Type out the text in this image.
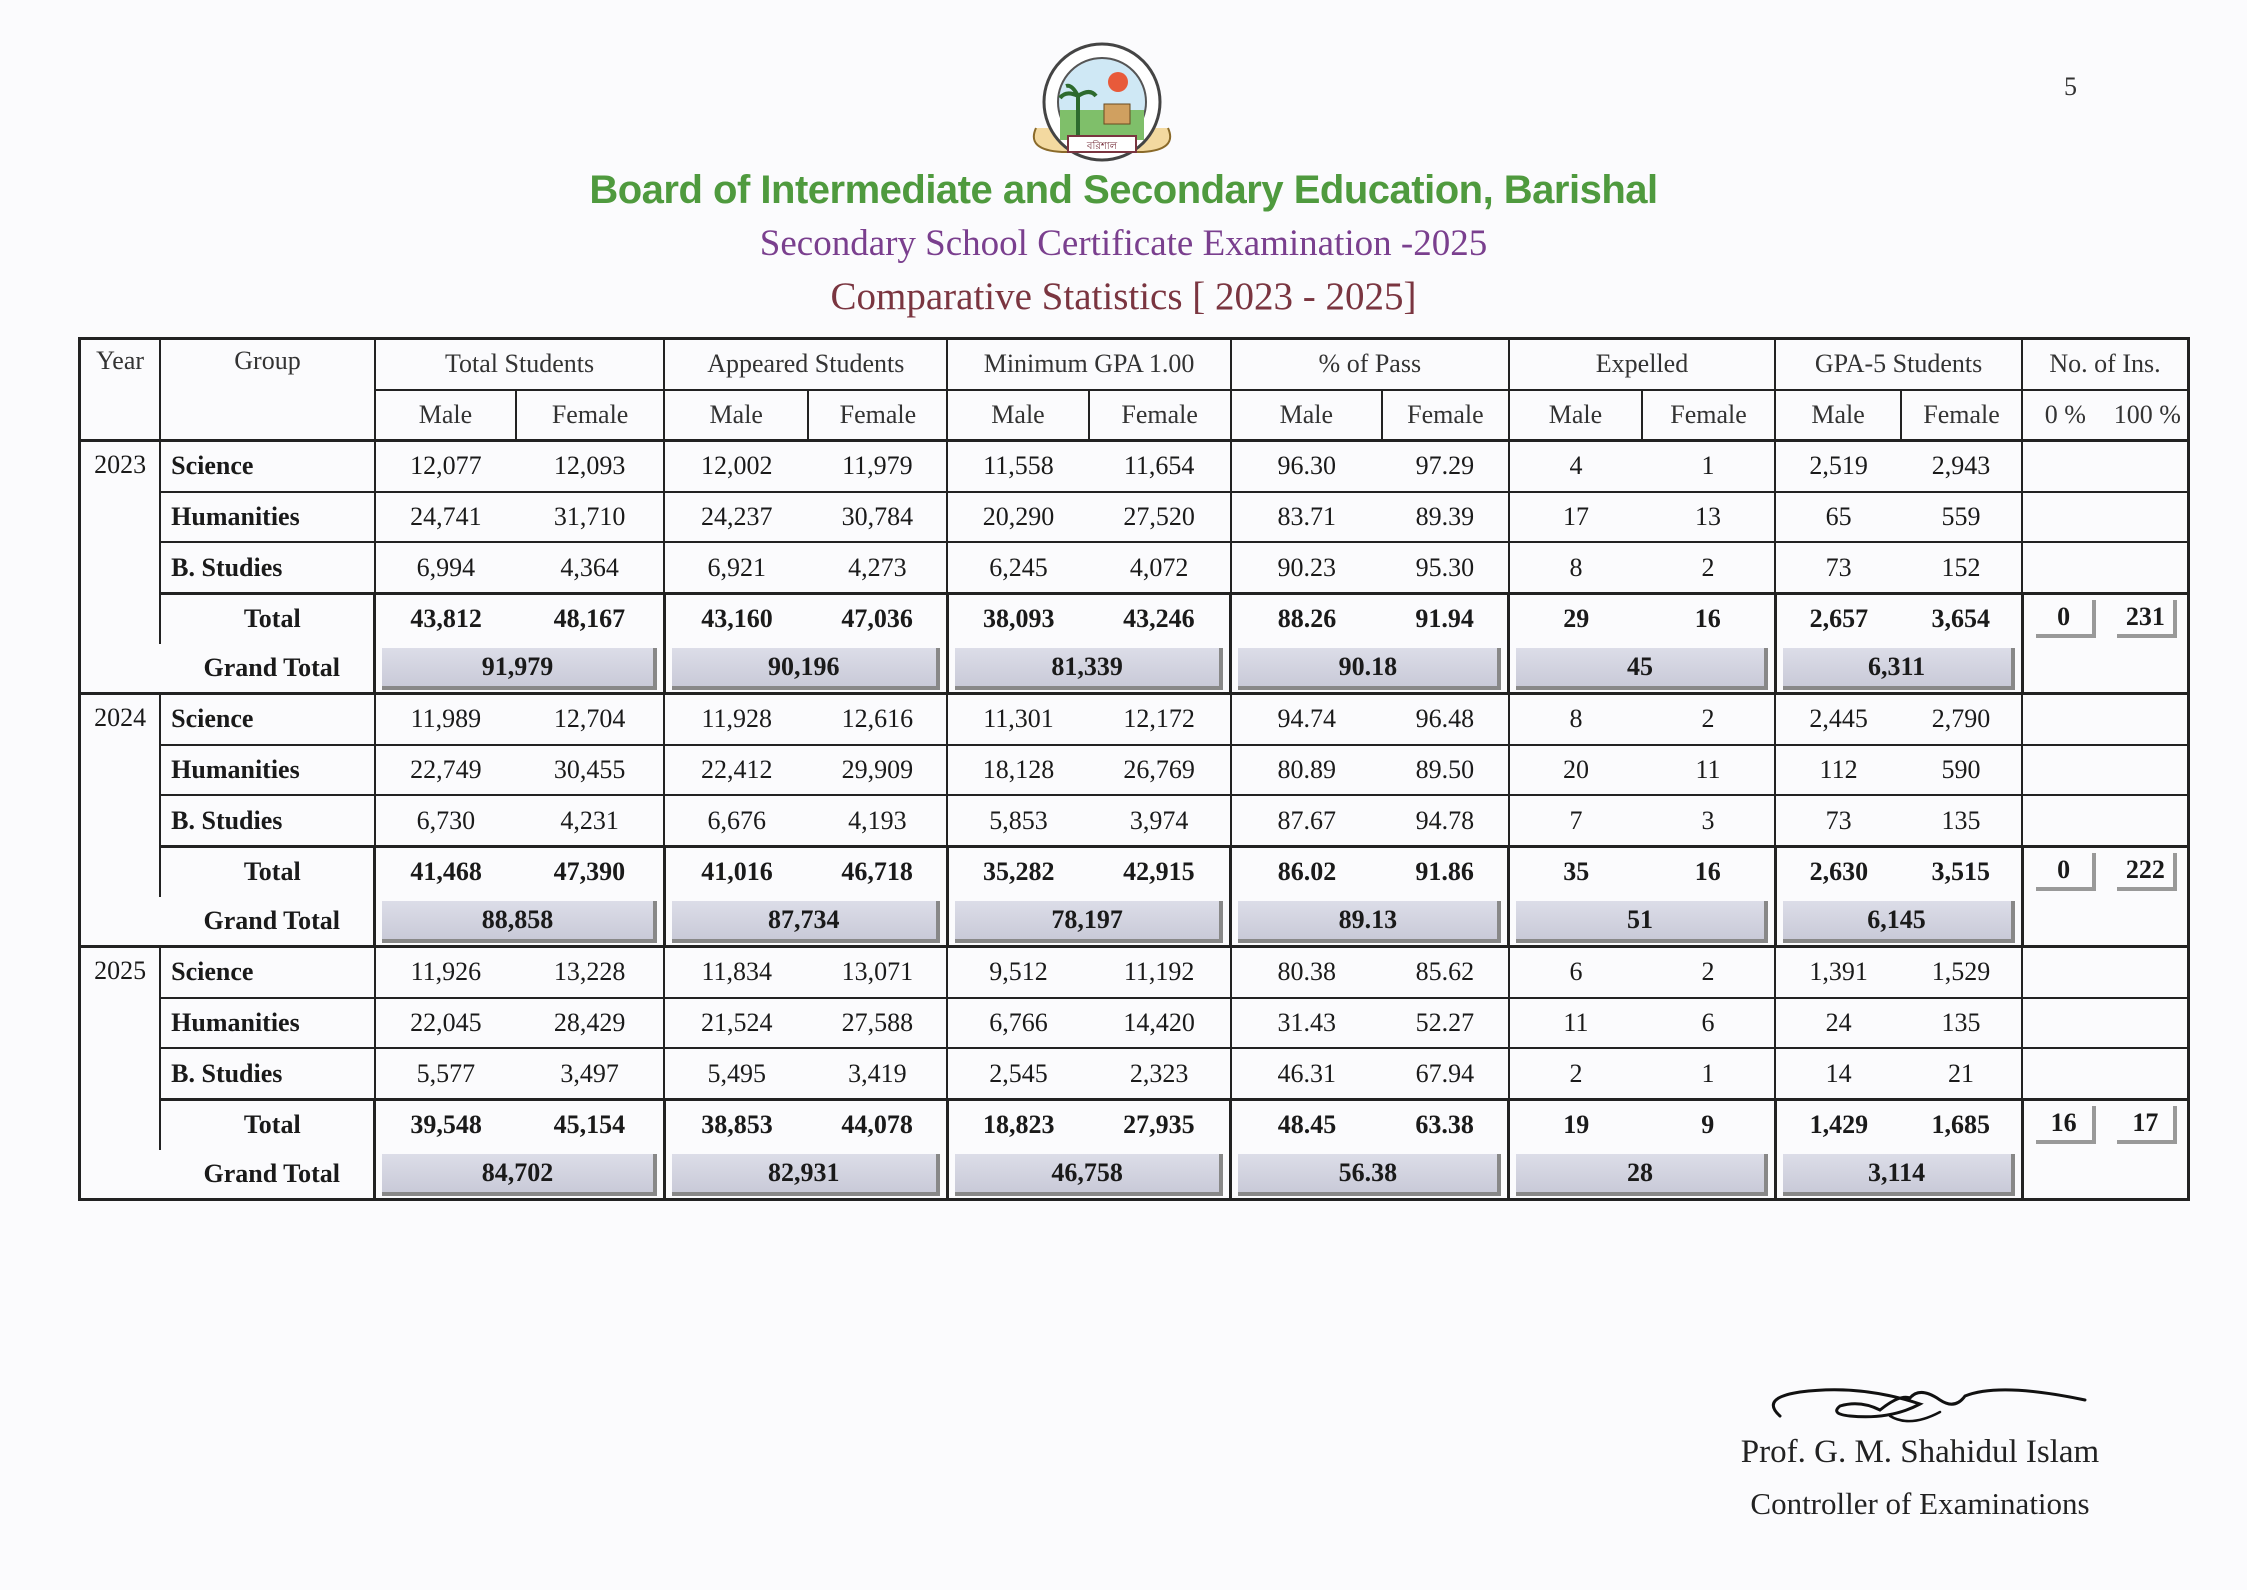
5
বরিশাল
Board of Intermediate and Secondary Education, Barishal
Secondary School Certificate Examination -2025
Comparative Statistics [ 2023 - 2025]
Year	Group	Total Students		Appeared Students		Minimum GPA 1.00		% of Pass		Expelled		GPA-5 Students		No. of Ins.	
		Male	Female	Male	Female	Male	Female	Male	Female	Male	Female	Male	Female	0 %	100 %
2023	Science	12,077	12,093	12,002	11,979	11,558	11,654	96.30	97.29	4	1	2,519	2,943		
	Humanities	24,741	31,710	24,237	30,784	20,290	27,520	83.71	89.39	17	13	65	559		
	B. Studies	6,994	4,364	6,921	4,273	6,245	4,072	90.23	95.30	8	2	73	152		
	Total	43,812	48,167	43,160	47,036	38,093	43,246	88.26	91.94	29	16	2,657	3,654	0	231
	Grand Total	91,979		90,196		81,339		90.18		45		6,311			

2024	Science	11,989	12,704	11,928	12,616	11,301	12,172	94.74	96.48	8	2	2,445	2,790		
	Humanities	22,749	30,455	22,412	29,909	18,128	26,769	80.89	89.50	20	11	112	590		
	B. Studies	6,730	4,231	6,676	4,193	5,853	3,974	87.67	94.78	7	3	73	135		
	Total	41,468	47,390	41,016	46,718	35,282	42,915	86.02	91.86	35	16	2,630	3,515	0	222
	Grand Total	88,858		87,734		78,197		89.13		51		6,145			

2025	Science	11,926	13,228	11,834	13,071	9,512	11,192	80.38	85.62	6	2	1,391	1,529		
	Humanities	22,045	28,429	21,524	27,588	6,766	14,420	31.43	52.27	11	6	24	135		
	B. Studies	5,577	3,497	5,495	3,419	2,545	2,323	46.31	67.94	2	1	14	21		
	Total	39,548	45,154	38,853	44,078	18,823	27,935	48.45	63.38	19	9	1,429	1,685	16	17
	Grand Total	84,702		82,931		46,758		56.38		28		3,114			

Prof. G. M. Shahidul Islam
Controller of Examinations
